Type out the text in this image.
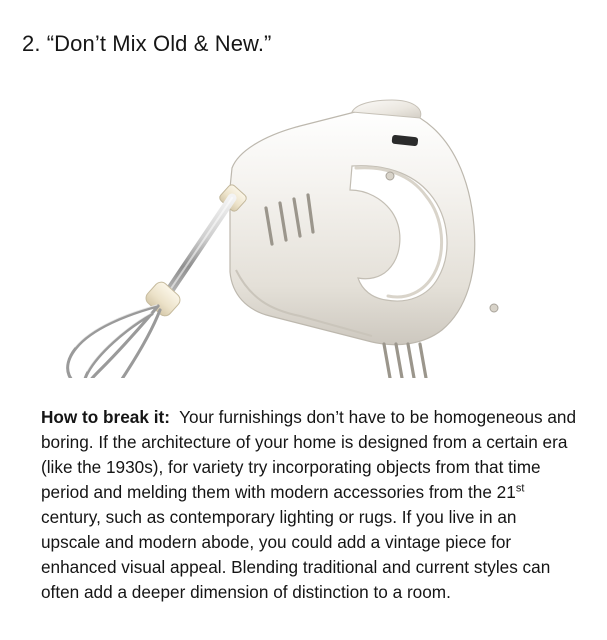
2. “Don’t Mix Old & New.”

How to break it: Your furnishings don’t have to be homogeneous and boring. If the architecture of your home is designed from a certain era (like the 1930s), for variety try incorporating objects from that time period and melding them with modern accessories from the 21st century, such as contemporary lighting or rugs. If you live in an upscale and modern abode, you could add a vintage piece for enhanced visual appeal. Blending traditional and current styles can often add a deeper dimension of distinction to a room.
